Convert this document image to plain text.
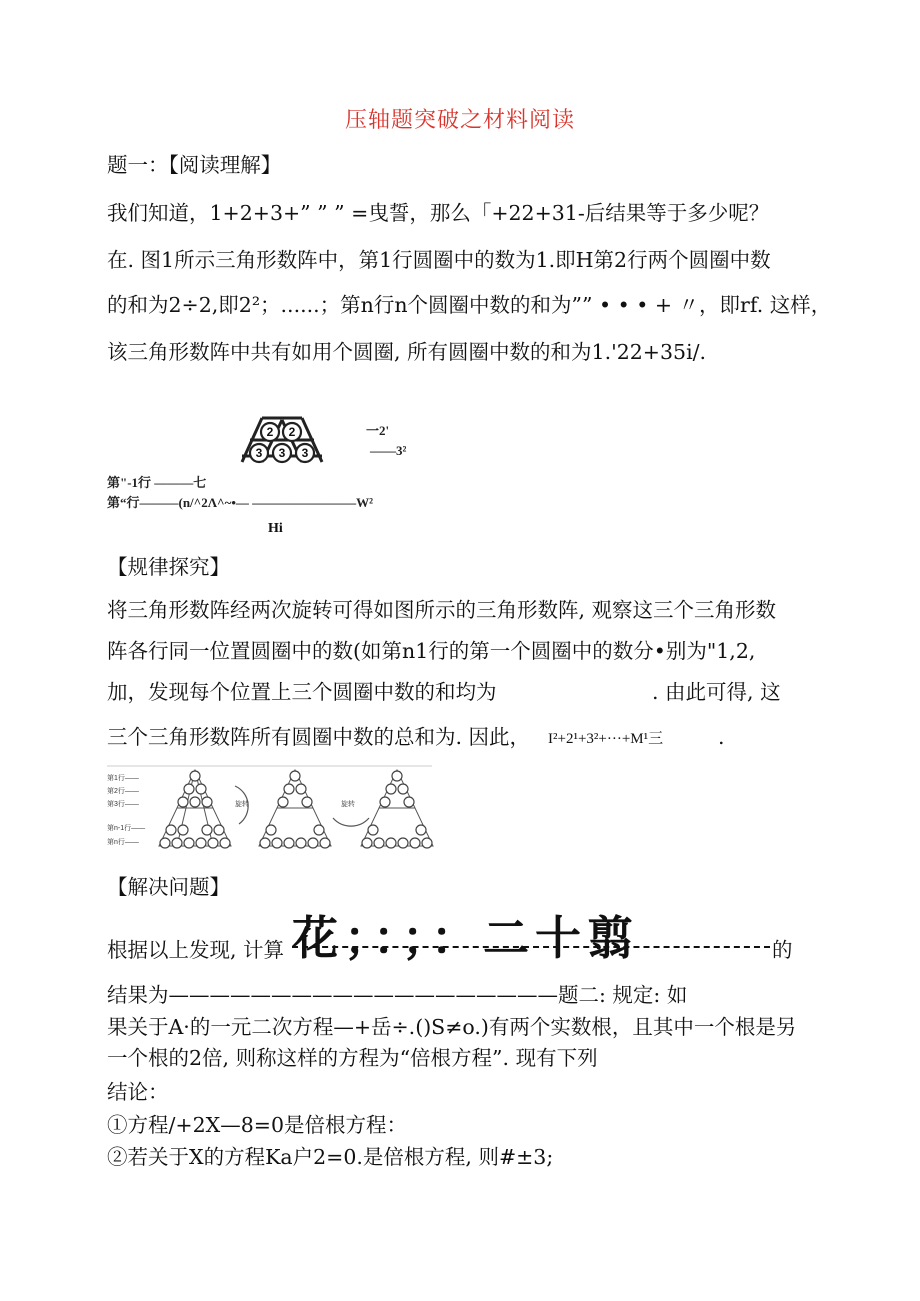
压轴题突破之材料阅读
题一：【阅读理解】
我们知道，1+2+3+” ” ” =曳誓，那么「+22+31-后结果等于多少呢？
在. 图1所示三角形数阵中，第1行圆圈中的数为1.即H第2行两个圆圈中数
的和为2÷2,即2²；......；第n行n个圆圈中数的和为”” • • • + 〃，即rf. 这样，
该三角形数阵中共有如用个圆圈, 所有圆圈中数的和为1.'22+35i/.
2 2
3 3 3
一2'
——3²
第"-1行 ———七
第“行———(n/^2Λ^~•— ————————W²
Hi
【规律探究】
将三角形数阵经两次旋转可得如图所示的三角形数阵, 观察这三个三角形数
阵各行同一位置圆圈中的数(如第n1行的第一个圆圈中的数分•别为"1,2,
加，发现每个位置上三个圆圈中数的和均为	. 由此可得, 这
三个三角形数阵所有圆圈中数的总和为. 因此， I²+2¹+3²+···+M¹三	.
第1行——
第2行——
第3行——
第n-1行——
第n行——
旋转	旋转
【解决问题】
根据以上发现, 计算 花；：；：二十翦	的
结果为———————————————————题二: 规定: 如
果关于A·的一元二次方程—+岳÷.()S≠o.)有两个实数根，且其中一个根是另
一个根的2倍, 则称这样的方程为“倍根方程”. 现有下列
结论：
①方程/+2X—8=0是倍根方程：
②若关于X的方程Ka户2=0.是倍根方程, 则#±3;
